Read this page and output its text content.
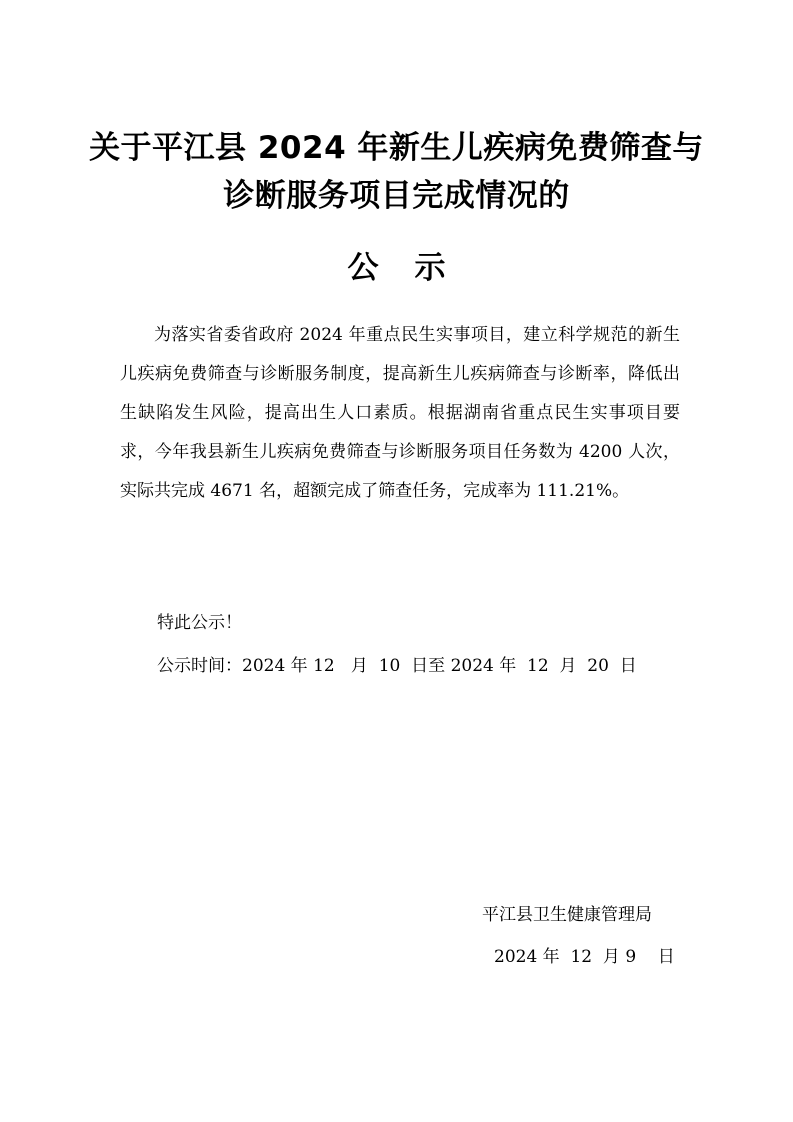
关于平江县 2024 年新生儿疾病免费筛查与
诊断服务项目完成情况的
公示

为落实省委省政府 2024 年重点民生实事项目，建立科学规范的新生儿疾病免费筛查与诊断服务制度，提高新生儿疾病筛查与诊断率，降低出生缺陷发生风险，提高出生人口素质。根据湖南省重点民生实事项目要求，今年我县新生儿疾病免费筛查与诊断服务项目任务数为 4200 人次，实际共完成 4671 名，超额完成了筛查任务，完成率为 111.21%。

特此公示！

公示时间：2024 年 12   月  10  日至 2024 年  12  月  20  日

平江县卫生健康管理局
2024 年  12  月 9    日
